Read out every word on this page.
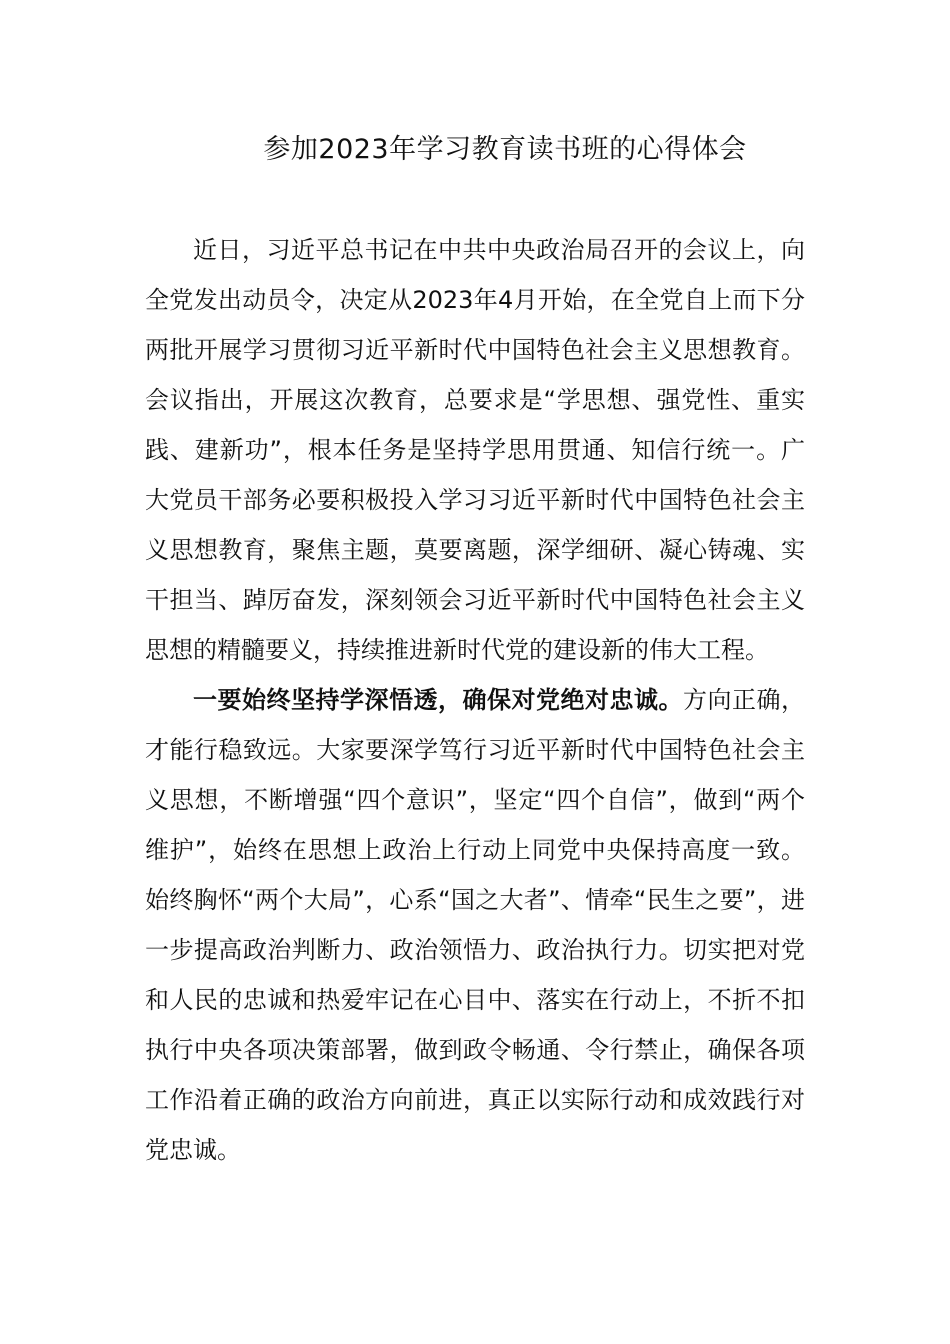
参加2023年学习教育读书班的心得体会

近日，习近平总书记在中共中央政治局召开的会议上，向全党发出动员令，决定从2023年4月开始，在全党自上而下分两批开展学习贯彻习近平新时代中国特色社会主义思想教育。会议指出，开展这次教育，总要求是“学思想、强党性、重实践、建新功”，根本任务是坚持学思用贯通、知信行统一。广大党员干部务必要积极投入学习习近平新时代中国特色社会主义思想教育，聚焦主题，莫要离题，深学细研、凝心铸魂、实干担当、踔厉奋发，深刻领会习近平新时代中国特色社会主义思想的精髓要义，持续推进新时代党的建设新的伟大工程。

一要始终坚持学深悟透，确保对党绝对忠诚。方向正确，才能行稳致远。大家要深学笃行习近平新时代中国特色社会主义思想，不断增强“四个意识”，坚定“四个自信”，做到“两个维护”，始终在思想上政治上行动上同党中央保持高度一致。始终胸怀“两个大局”，心系“国之大者”、情牵“民生之要”，进一步提高政治判断力、政治领悟力、政治执行力。切实把对党和人民的忠诚和热爱牢记在心目中、落实在行动上，不折不扣执行中央各项决策部署，做到政令畅通、令行禁止，确保各项工作沿着正确的政治方向前进，真正以实际行动和成效践行对党忠诚。
